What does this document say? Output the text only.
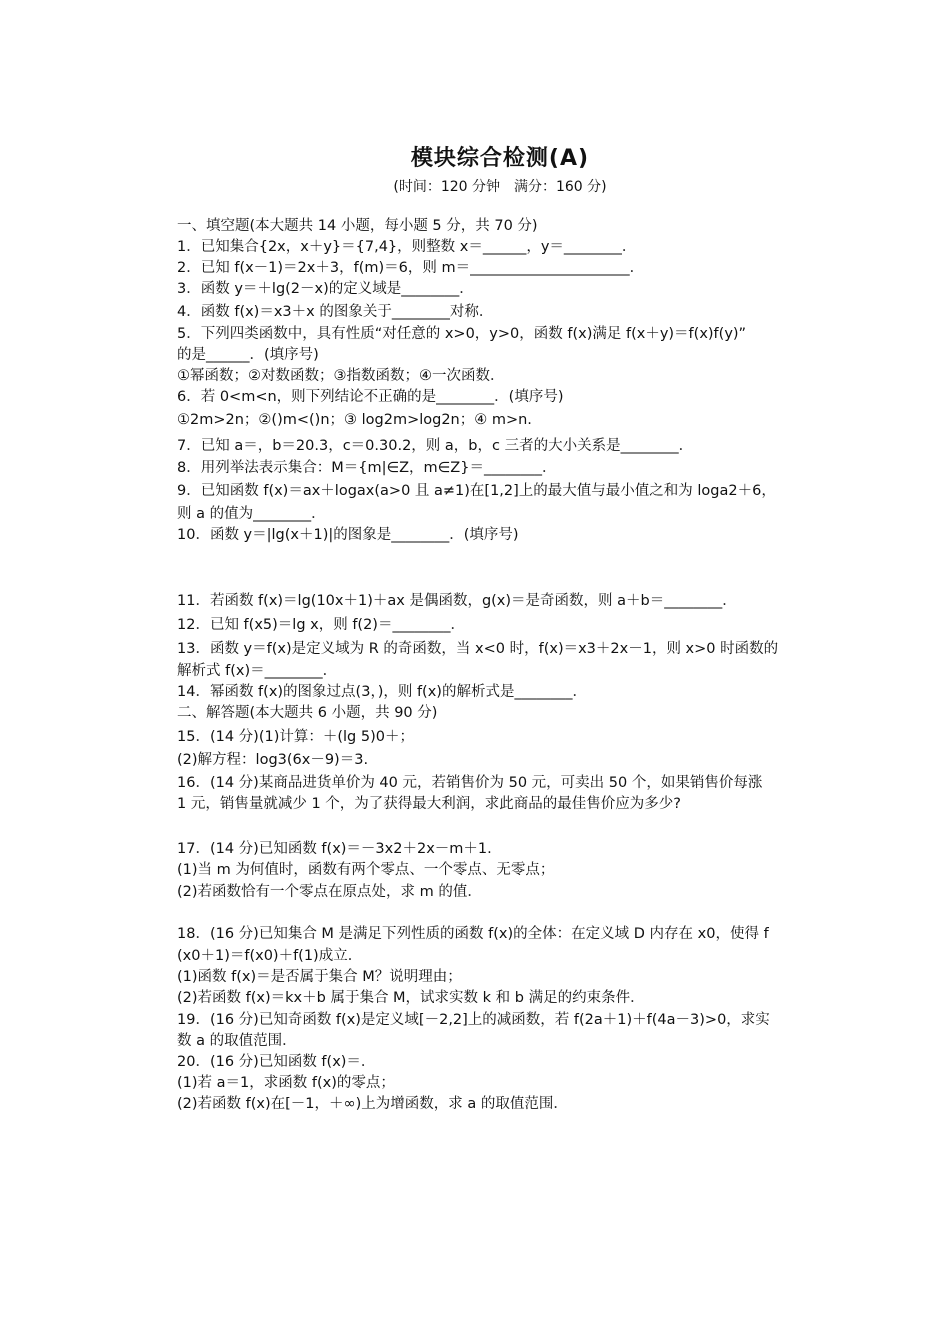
模块综合检测(A)
(时间：120 分钟　满分：160 分)
一、填空题(本大题共 14 小题，每小题 5 分，共 70 分)
1．已知集合{2x，x＋y}＝{7,4}，则整数 x＝______，y＝________．
2．已知 f(x－1)＝2x＋3，f(m)＝6，则 m＝______________________．
3．函数 y＝＋lg(2－x)的定义域是________．
4．函数 f(x)＝x3＋x 的图象关于________对称．
5．下列四类函数中，具有性质“对任意的 x>0，y>0，函数 f(x)满足 f(x＋y)＝f(x)f(y)”
的是______．(填序号)
①幂函数；②对数函数；③指数函数；④一次函数．
6．若 0<m<n，则下列结论不正确的是________．(填序号)
①2m>2n；②()m<()n；③ log2m>log2n；④ m>n.
7．已知 a＝，b＝20.3，c＝0.30.2，则 a，b，c 三者的大小关系是________．
8．用列举法表示集合：M＝{m|∈Z，m∈Z}＝________．
9．已知函数 f(x)＝ax＋logax(a>0 且 a≠1)在[1,2]上的最大值与最小值之和为 loga2＋6，
则 a 的值为________．
10．函数 y＝|lg(x＋1)|的图象是________．(填序号)
11．若函数 f(x)＝lg(10x＋1)＋ax 是偶函数，g(x)＝是奇函数，则 a＋b＝________．
12．已知 f(x5)＝lg x，则 f(2)＝________．
13．函数 y＝f(x)是定义域为 R 的奇函数，当 x<0 时，f(x)＝x3＋2x－1，则 x>0 时函数的
解析式 f(x)＝________．
14．幂函数 f(x)的图象过点(3，)，则 f(x)的解析式是________．
二、解答题(本大题共 6 小题，共 90 分)
15．(14 分)(1)计算：＋(lg 5)0＋；
(2)解方程：log3(6x－9)＝3.
16．(14 分)某商品进货单价为 40 元，若销售价为 50 元，可卖出 50 个，如果销售价每涨
1 元，销售量就减少 1 个，为了获得最大利润，求此商品的最佳售价应为多少?
17．(14 分)已知函数 f(x)＝－3x2＋2x－m＋1.
(1)当 m 为何值时，函数有两个零点、一个零点、无零点；
(2)若函数恰有一个零点在原点处，求 m 的值．
18．(16 分)已知集合 M 是满足下列性质的函数 f(x)的全体：在定义域 D 内存在 x0，使得 f
(x0＋1)＝f(x0)＋f(1)成立．
(1)函数 f(x)＝是否属于集合 M？说明理由；
(2)若函数 f(x)＝kx＋b 属于集合 M，试求实数 k 和 b 满足的约束条件．
19．(16 分)已知奇函数 f(x)是定义域[－2,2]上的减函数，若 f(2a＋1)＋f(4a－3)>0，求实
数 a 的取值范围．
20．(16 分)已知函数 f(x)＝．
(1)若 a＝1，求函数 f(x)的零点；
(2)若函数 f(x)在[－1，＋∞)上为增函数，求 a 的取值范围．
